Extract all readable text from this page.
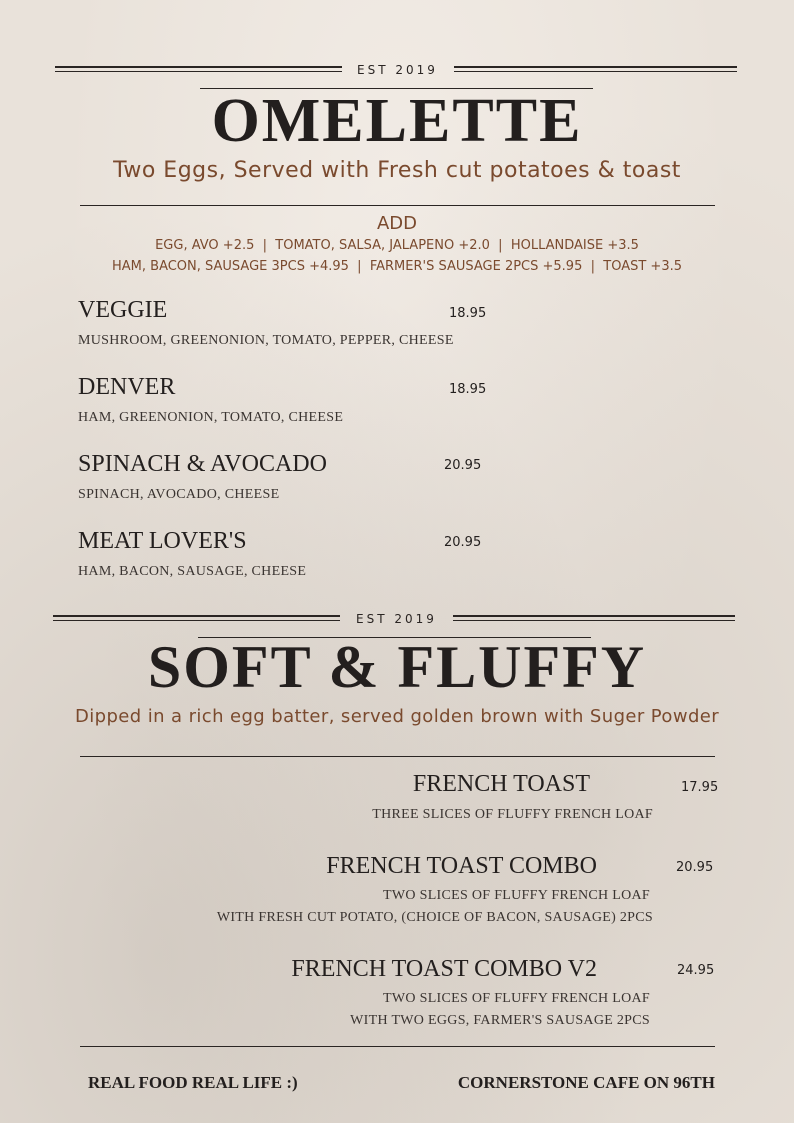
EST 2019
OMELETTE
Two Eggs, Served with Fresh cut potatoes & toast
ADD
EGG, AVO +2.5  |  TOMATO, SALSA, JALAPENO +2.0  |  HOLLANDAISE +3.5
HAM, BACON, SAUSAGE 3PCS +4.95  |  FARMER'S SAUSAGE 2PCS +5.95  |  TOAST +3.5
VEGGIE	18.95
MUSHROOM, GREENONION, TOMATO, PEPPER, CHEESE
DENVER	18.95
HAM, GREENONION, TOMATO, CHEESE
SPINACH & AVOCADO	20.95
SPINACH, AVOCADO, CHEESE
MEAT LOVER'S	20.95
HAM, BACON, SAUSAGE, CHEESE
EST 2019
SOFT & FLUFFY
Dipped in a rich egg batter, served golden brown with Suger Powder
FRENCH TOAST	17.95
THREE SLICES OF FLUFFY FRENCH LOAF
FRENCH TOAST COMBO	20.95
TWO SLICES OF FLUFFY FRENCH LOAF
WITH FRESH CUT POTATO, (CHOICE OF BACON, SAUSAGE) 2PCS
FRENCH TOAST COMBO V2	24.95
TWO SLICES OF FLUFFY FRENCH LOAF
WITH TWO EGGS, FARMER'S SAUSAGE 2PCS
REAL FOOD REAL LIFE :)	CORNERSTONE CAFE ON 96TH
